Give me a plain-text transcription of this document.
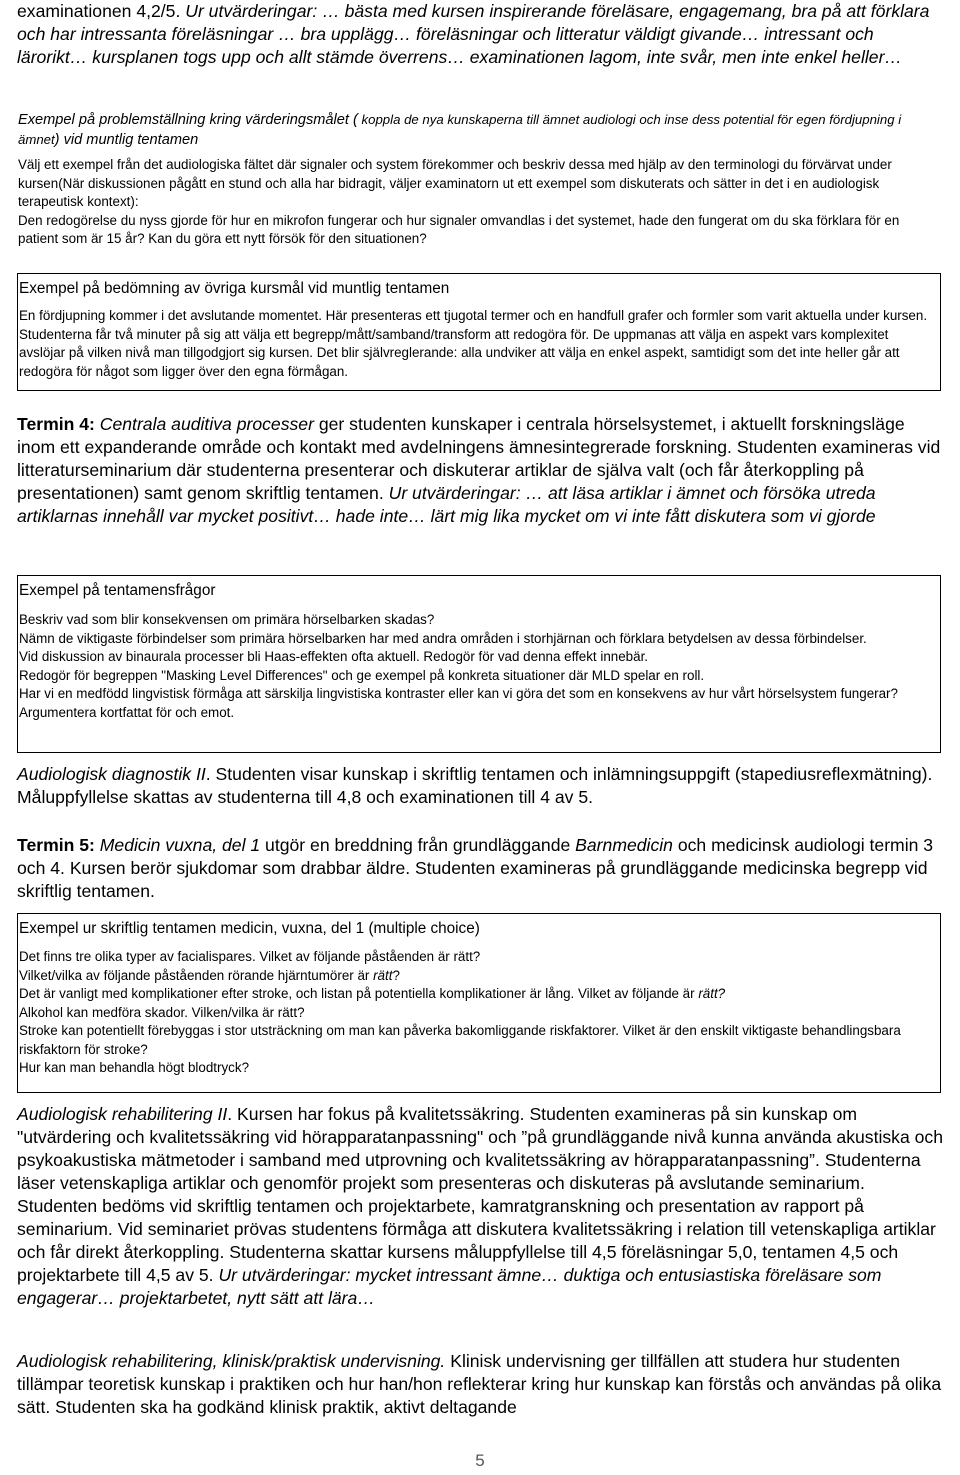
examinationen 4,2/5. Ur utvärderingar: … bästa med kursen inspirerande föreläsare, engagemang, bra på att förklara och har intressanta föreläsningar … bra upplägg… föreläsningar och litteratur väldigt givande… intressant och lärorikt… kursplanen togs upp och allt stämde överrens… examinationen lagom, inte svår, men inte enkel heller…

Exempel på problemställning kring värderingsmålet ( koppla de nya kunskaperna till ämnet audiologi och inse dess potential för egen fördjupning i ämnet) vid muntlig tentamen

Välj ett exempel från det audiologiska fältet där signaler och system förekommer och beskriv dessa med hjälp av den terminologi du förvärvat under kursen(När diskussionen pågått en stund och alla har bidragit, väljer examinatorn ut ett exempel som diskuterats och sätter in det i en audiologisk terapeutisk kontext):

Den redogörelse du nyss gjorde för hur en mikrofon fungerar och hur signaler omvandlas i det systemet, hade den fungerat om du ska förklara för en patient som är 15 år? Kan du göra ett nytt försök för den situationen?

Exempel på bedömning av övriga kursmål vid muntlig tentamen

En fördjupning kommer i det avslutande momentet. Här presenteras ett tjugotal termer och en handfull grafer och formler som varit aktuella under kursen. Studenterna får två minuter på sig att välja ett begrepp/mått/samband/transform att redogöra för. De uppmanas att välja en aspekt vars komplexitet avslöjar på vilken nivå man tillgodgjort sig kursen. Det blir självreglerande: alla undviker att välja en enkel aspekt, samtidigt som det inte heller går att redogöra för något som ligger över den egna förmågan.

Termin 4: Centrala auditiva processer ger studenten kunskaper i centrala hörselsystemet, i aktuellt forskningsläge inom ett expanderande område och kontakt med avdelningens ämnesintegrerade forskning. Studenten examineras vid litteraturseminarium där studenterna presenterar och diskuterar artiklar de själva valt (och får återkoppling på presentationen) samt genom skriftlig tentamen. Ur utvärderingar: … att läsa artiklar i ämnet och försöka utreda artiklarnas innehåll var mycket positivt… hade inte… lärt mig lika mycket om vi inte fått diskutera som vi gjorde

Exempel på tentamensfrågor

Beskriv vad som blir konsekvensen om primära hörselbarken skadas?

Nämn de viktigaste förbindelser som primära hörselbarken har med andra områden i storhjärnan och förklara betydelsen av dessa förbindelser.

Vid diskussion av binaurala processer bli Haas-effekten ofta aktuell. Redogör för vad denna effekt innebär.

Redogör för begreppen "Masking Level Differences" och ge exempel på konkreta situationer där MLD spelar en roll.

Har vi en medfödd lingvistisk förmåga att särskilja lingvistiska kontraster eller kan vi göra det som en konsekvens av hur vårt hörselsystem fungerar? Argumentera kortfattat för och emot.

Audiologisk diagnostik II. Studenten visar kunskap i skriftlig tentamen och inlämningsuppgift (stapediusreflexmätning). Måluppfyllelse skattas av studenterna till 4,8 och examinationen till 4 av 5.

Termin 5: Medicin vuxna, del 1 utgör en breddning från grundläggande Barnmedicin och medicinsk audiologi termin 3 och 4. Kursen berör sjukdomar som drabbar äldre. Studenten examineras på grundläggande medicinska begrepp vid skriftlig tentamen.

Exempel ur skriftlig tentamen medicin, vuxna, del 1 (multiple choice)

Det finns tre olika typer av facialispares. Vilket av följande påståenden är rätt?

Vilket/vilka av följande påståenden rörande hjärntumörer är rätt?

Det är vanligt med komplikationer efter stroke, och listan på potentiella komplikationer är lång. Vilket av följande är rätt?

Alkohol kan medföra skador. Vilken/vilka är rätt?

Stroke kan potentiellt förebyggas i stor utsträckning om man kan påverka bakomliggande riskfaktorer. Vilket är den enskilt viktigaste behandlingsbara riskfaktorn för stroke?

Hur kan man behandla högt blodtryck?

Audiologisk rehabilitering II. Kursen har fokus på kvalitetssäkring. Studenten examineras på sin kunskap om "utvärdering och kvalitetssäkring vid hörapparatanpassning" och ”på grundläggande nivå kunna använda akustiska och psykoakustiska mätmetoder i samband med utprovning och kvalitetssäkring av hörapparatanpassning”. Studenterna läser vetenskapliga artiklar och genomför projekt som presenteras och diskuteras på avslutande seminarium. Studenten bedöms vid skriftlig tentamen och projektarbete, kamratgranskning och presentation av rapport på seminarium. Vid seminariet prövas studentens förmåga att diskutera kvalitetssäkring i relation till vetenskapliga artiklar och får direkt återkoppling. Studenterna skattar kursens måluppfyllelse till 4,5 föreläsningar 5,0, tentamen 4,5 och projektarbete till 4,5 av 5. Ur utvärderingar: mycket intressant ämne… duktiga och entusiastiska föreläsare som engagerar… projektarbetet, nytt sätt att lära…

Audiologisk rehabilitering, klinisk/praktisk undervisning. Klinisk undervisning ger tillfällen att studera hur studenten tillämpar teoretisk kunskap i praktiken och hur han/hon reflekterar kring hur kunskap kan förstås och användas på olika sätt. Studenten ska ha godkänd klinisk praktik, aktivt deltagande

5
